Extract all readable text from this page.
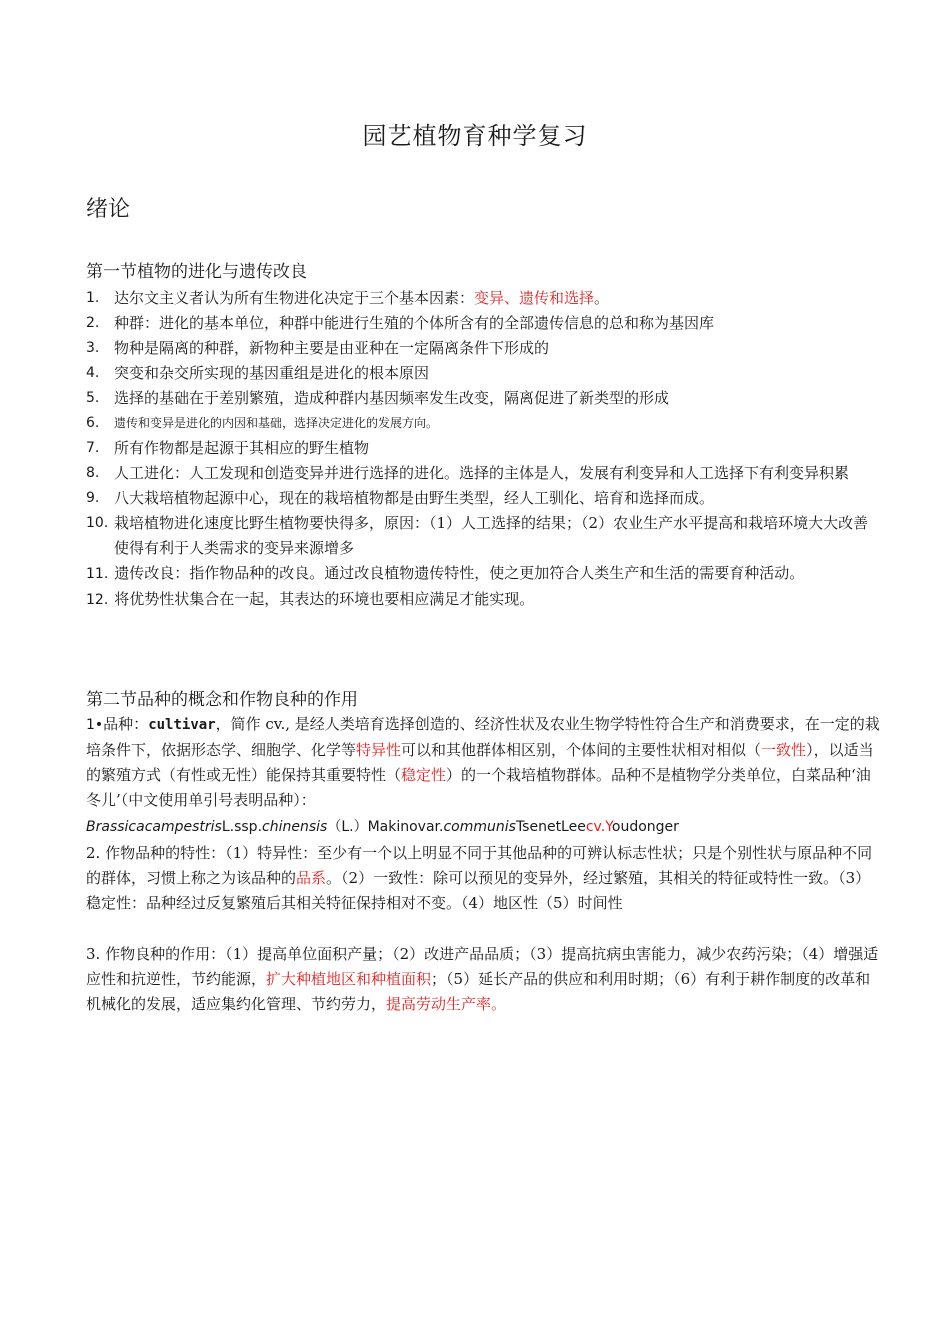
园艺植物育种学复习
绪论
第一节植物的进化与遗传改良
1. 达尔文主义者认为所有生物进化决定于三个基本因素：变异、遗传和选择。
2. 种群：进化的基本单位，种群中能进行生殖的个体所含有的全部遗传信息的总和称为基因库
3. 物种是隔离的种群，新物种主要是由亚种在一定隔离条件下形成的
4. 突变和杂交所实现的基因重组是进化的根本原因
5. 选择的基础在于差别繁殖，造成种群内基因频率发生改变，隔离促进了新类型的形成
6. 遗传和变异是进化的内因和基础，选择决定进化的发展方向。
7. 所有作物都是起源于其相应的野生植物
8. 人工进化：人工发现和创造变异并进行选择的进化。选择的主体是人，发展有利变异和人工选择下有利变异积累
9. 八大栽培植物起源中心，现在的栽培植物都是由野生类型，经人工驯化、培育和选择而成。
10. 栽培植物进化速度比野生植物要快得多，原因：（1）人工选择的结果；（2）农业生产水平提高和栽培环境大大改善使得有利于人类需求的变异来源增多
11. 遗传改良：指作物品种的改良。通过改良植物遗传特性，使之更加符合人类生产和生活的需要育种活动。
12. 将优势性状集合在一起，其表达的环境也要相应满足才能实现。
第二节品种的概念和作物良种的作用

1•品种：cultivar，简作 cv., 是经人类培育选择创造的、经济性状及农业生物学特性符合生产和消费要求，在一定的栽培条件下，依据形态学、细胞学、化学等特异性可以和其他群体相区别，个体间的主要性状相对相似（一致性），以适当的繁殖方式（有性或无性）能保持其重要特性（稳定性）的一个栽培植物群体。品种不是植物学分类单位，白菜品种‘油冬儿’（中文使用单引号表明品种）：

BrassicacampestrisL.ssp.chinensis（L.）Makinovar.communisTsenetLeecv.Youdonger

2. 作物品种的特性：（1）特异性：至少有一个以上明显不同于其他品种的可辨认标志性状；只是个别性状与原品种不同的群体，习惯上称之为该品种的品系。（2）一致性：除可以预见的变异外，经过繁殖，其相关的特征或特性一致。（3）稳定性：品种经过反复繁殖后其相关特征保持相对不变。（4）地区性（5）时间性

3. 作物良种的作用：（1）提高单位面积产量；（2）改进产品品质；（3）提高抗病虫害能力，减少农药污染；（4）增强适应性和抗逆性，节约能源，扩大种植地区和种植面积；（5）延长产品的供应和利用时期；（6）有利于耕作制度的改革和机械化的发展，适应集约化管理、节约劳力，提高劳动生产率。
